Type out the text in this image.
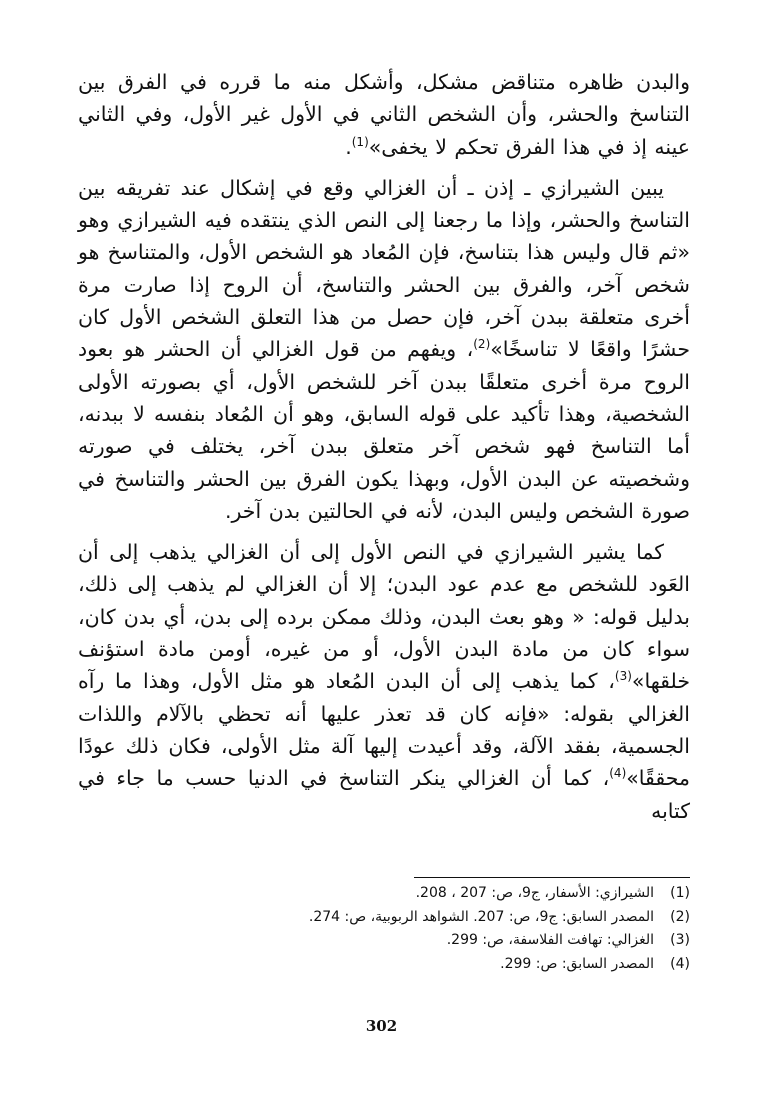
والبدن ظاهره متناقض مشكل، وأشكل منه ما قرره في الفرق بين التناسخ والحشر، وأن الشخص الثاني في الأول غير الأول، وفي الثاني عينه إذ في هذا الفرق تحكم لا يخفى»$^{(1)}$.

يبين الشيرازي ـ إذن ـ أن الغزالي وقع في إشكال عند تفريقه بين التناسخ والحشر، وإذا ما رجعنا إلى النص الذي ينتقده فيه الشيرازي وهو «ثم قال وليس هذا بتناسخ، فإن المُعاد هو الشخص الأول، والمتناسخ هو شخص آخر، والفرق بين الحشر والتناسخ، أن الروح إذا صارت مرة أخرى متعلقة ببدن آخر، فإن حصل من هذا التعلق الشخص الأول كان حشرًا واقعًا لا تناسخًا»$^{(2)}$، ويفهم من قول الغزالي أن الحشر هو بعود الروح مرة أخرى متعلقًا ببدن آخر للشخص الأول، أي بصورته الأولى الشخصية، وهذا تأكيد على قوله السابق، وهو أن المُعاد بنفسه لا ببدنه، أما التناسخ فهو شخص آخر متعلق ببدن آخر، يختلف في صورته وشخصيته عن البدن الأول، وبهذا يكون الفرق بين الحشر والتناسخ في صورة الشخص وليس البدن، لأنه في الحالتين بدن آخر.

كما يشير الشيرازي في النص الأول إلى أن الغزالي يذهب إلى أن العَود للشخص مع عدم عود البدن؛ إلا أن الغزالي لم يذهب إلى ذلك، بدليل قوله: « وهو بعث البدن، وذلك ممكن برده إلى بدن، أي بدن كان، سواء كان من مادة البدن الأول، أو من غيره، أومن مادة استؤنف خلقها»$^{(3)}$، كما يذهب إلى أن البدن المُعاد هو مثل الأول، وهذا ما رآه الغزالي بقوله: «فإنه كان قد تعذر عليها أنه تحظي بالآلام واللذات الجسمية، بفقد الآلة، وقد أعيدت إليها آلة مثل الأولى، فكان ذلك عودًا محققًا»$^{(4)}$، كما أن الغزالي ينكر التناسخ في الدنيا حسب ما جاء في كتابه

(1)
الشيرازي: الأسفار، ج9، ص: 207 ، 208.
(2)
المصدر السابق: ج9، ص: 207. الشواهد الربوبية، ص: 274.
(3)
الغزالي: تهافت الفلاسفة، ص: 299.
(4)
المصدر السابق: ص: 299.
302
